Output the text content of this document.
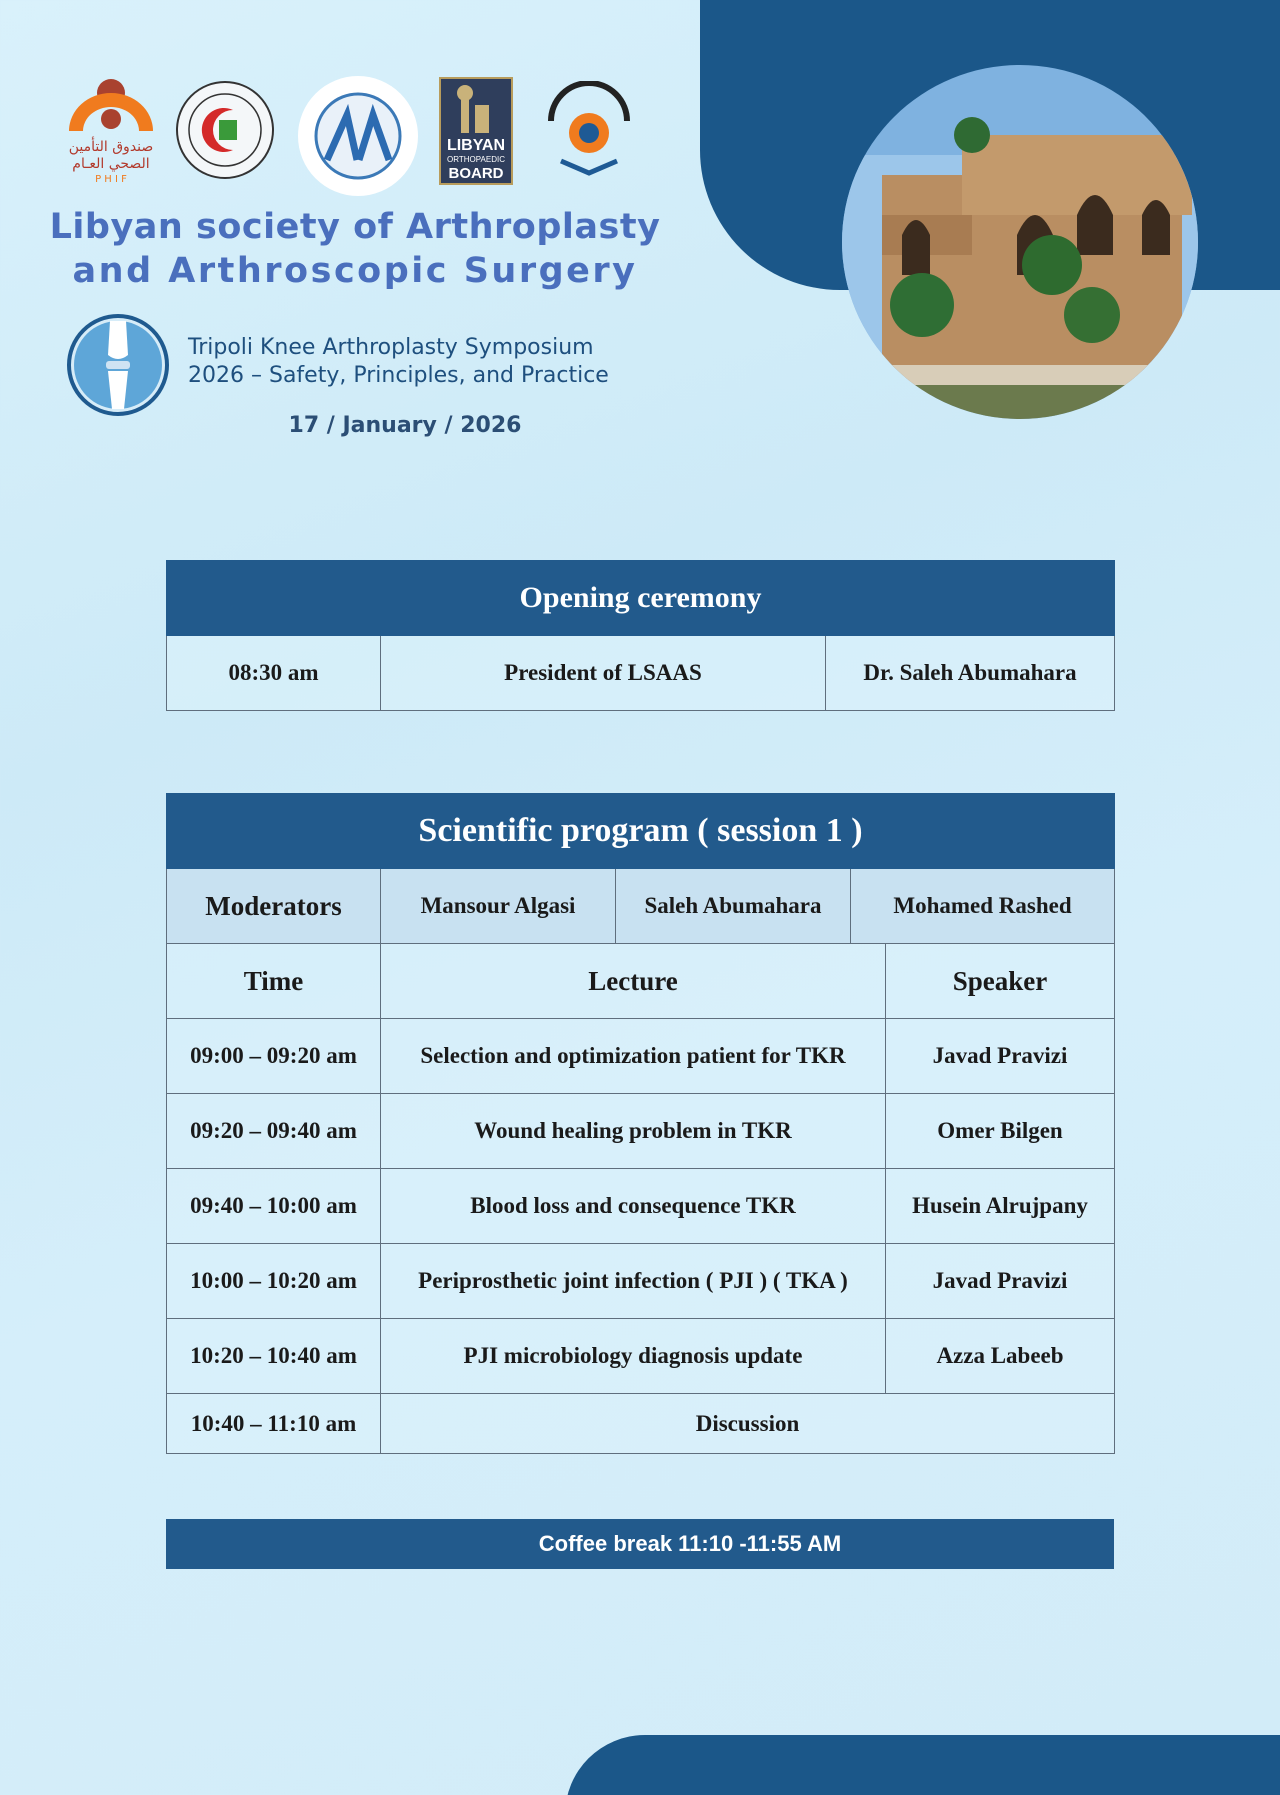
صندوق التأمين
الصحي العـام
P H I F
LIBYAN
ORTHOPAEDIC
BOARD
Libyan society of Arthroplasty
and Arthroscopic Surgery
Tripoli Knee Arthroplasty Symposium
2026 – Safety, Principles, and Practice
17 / January / 2026
Opening ceremony
08:30 am	President of LSAAS	Dr. Saleh Abumahara
Scientific program ( session 1 )				
Moderators	Mansour Algasi	Saleh Abumahara	Mohamed Rashed	
Time	Lecture			Speaker
09:00 – 09:20 am	Selection and optimization patient for TKR			Javad Pravizi
09:20 – 09:40 am	Wound healing problem in TKR			Omer Bilgen
09:40 – 10:00 am	Blood loss and consequence TKR			Husein Alrujpany
10:00 – 10:20 am	Periprosthetic joint infection ( PJI ) ( TKA )			Javad Pravizi
10:20 – 10:40 am	PJI microbiology diagnosis update			Azza Labeeb
10:40 – 11:10 am	Discussion			
Coffee break 11:10 -11:55 AM
